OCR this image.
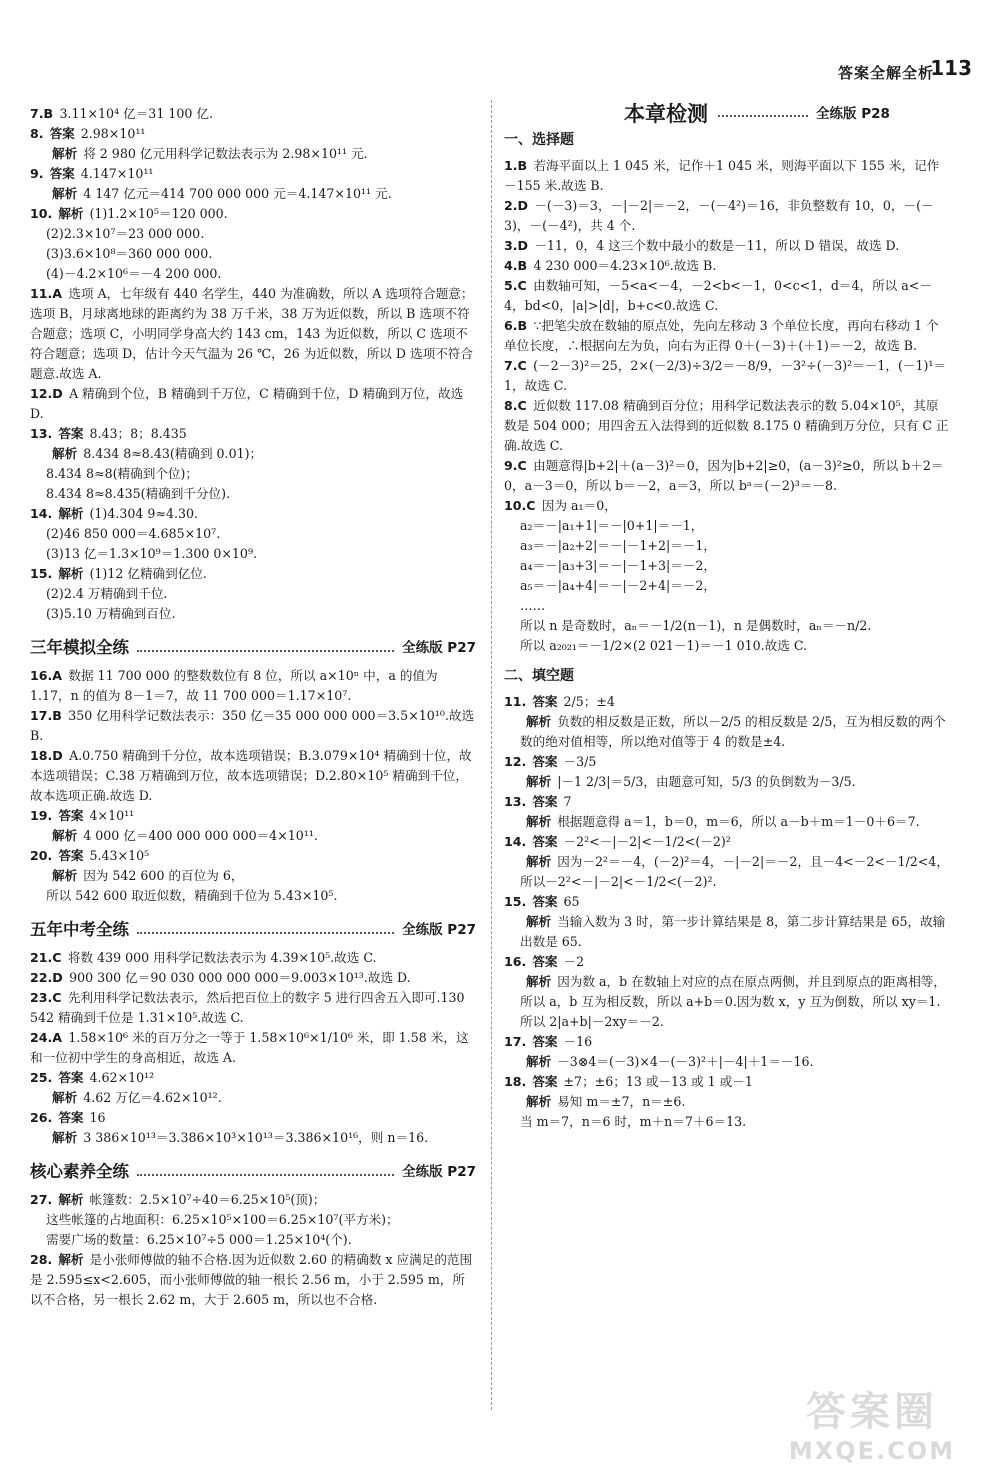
答案全解全析
113

7.B  3.11×10⁴ 亿＝31 100 亿.

8. 答案 2.98×10¹¹

解析 将 2 980 亿元用科学记数法表示为 2.98×10¹¹ 元.

9. 答案 4.147×10¹¹

解析 4 147 亿元＝414 700 000 000 元＝4.147×10¹¹ 元.

10. 解析 (1)1.2×10⁵＝120 000.

(2)2.3×10⁷＝23 000 000.

(3)3.6×10⁸＝360 000 000.

(4)－4.2×10⁶＝－4 200 000.

11.A  选项 A，七年级有 440 名学生，440 为准确数，所以 A 选项符合题意；选项 B，月球离地球的距离约为 38 万千米，38 万为近似数，所以 B 选项不符合题意；选项 C，小明同学身高大约 143 cm，143 为近似数，所以 C 选项不符合题意；选项 D，估计今天气温为 26 ℃，26 为近似数，所以 D 选项不符合题意.故选 A.

12.D  A 精确到个位，B 精确到千万位，C 精确到千位，D 精确到万位，故选 D.

13. 答案 8.43；8；8.435

解析 8.434 8≈8.43(精确到 0.01)；

8.434 8≈8(精确到个位)；

8.434 8≈8.435(精确到千分位).

14. 解析 (1)4.304 9≈4.30.

(2)46 850 000＝4.685×10⁷.

(3)13 亿＝1.3×10⁹＝1.300 0×10⁹.

15. 解析 (1)12 亿精确到亿位.

(2)2.4 万精确到千位.

(3)5.10 万精确到百位.

三年模拟全练	全练版 P27

16.A  数据 11 700 000 的整数数位有 8 位，所以 a×10ⁿ 中，a 的值为 1.17，n 的值为 8－1＝7，故 11 700 000＝1.17×10⁷.

17.B  350 亿用科学记数法表示：350 亿＝35 000 000 000＝3.5×10¹⁰.故选 B.

18.D  A.0.750 精确到千分位，故本选项错误；B.3.079×10⁴ 精确到十位，故本选项错误；C.38 万精确到万位，故本选项错误；D.2.80×10⁵ 精确到千位，故本选项正确.故选 D.

19. 答案 4×10¹¹

解析 4 000 亿＝400 000 000 000＝4×10¹¹.

20. 答案 5.43×10⁵

解析 因为 542 600 的百位为 6，

所以 542 600 取近似数，精确到千位为 5.43×10⁵.

五年中考全练	全练版 P27

21.C  将数 439 000 用科学记数法表示为 4.39×10⁵.故选 C.

22.D  900 300 亿＝90 030 000 000 000＝9.003×10¹³.故选 D.

23.C  先利用科学记数法表示，然后把百位上的数字 5 进行四舍五入即可.130 542 精确到千位是 1.31×10⁵.故选 C.

24.A  1.58×10⁶ 米的百万分之一等于 1.58×10⁶×1/10⁶ 米，即 1.58 米，这和一位初中学生的身高相近，故选 A.

25. 答案 4.62×10¹²

解析 4.62 万亿＝4.62×10¹².

26. 答案 16

解析 3 386×10¹³＝3.386×10³×10¹³＝3.386×10¹⁶，则 n＝16.

核心素养全练	全练版 P27

27. 解析 帐篷数：2.5×10⁷÷40＝6.25×10⁵(顶)；

这些帐篷的占地面积：6.25×10⁵×100＝6.25×10⁷(平方米)；

需要广场的数量：6.25×10⁷÷5 000＝1.25×10⁴(个).

28. 解析 是小张师傅做的轴不合格.因为近似数 2.60 的精确数 x 应满足的范围是 2.595≤x<2.605，而小张师傅做的轴一根长 2.56 m，小于 2.595 m，所以不合格，另一根长 2.62 m，大于 2.605 m，所以也不合格.

本章检测	全练版 P28
一、选择题

1.B  若海平面以上 1 045 米，记作＋1 045 米，则海平面以下 155 米，记作－155 米.故选 B.

2.D  －(－3)＝3，－|－2|＝－2，－(－4²)＝16，非负整数有 10，0，－(－3)，－(－4²)，共 4 个.

3.D  －11，0，4 这三个数中最小的数是－11，所以 D 错误，故选 D.

4.B  4 230 000＝4.23×10⁶.故选 B.

5.C  由数轴可知，－5<a<－4，－2<b<－1，0<c<1，d＝4，所以 a<－4，bd<0，|a|>|d|，b+c<0.故选 C.

6.B  ∵把笔尖放在数轴的原点处，先向左移动 3 个单位长度，再向右移动 1 个单位长度，∴根据向左为负，向右为正得 0＋(－3)＋(＋1)＝－2，故选 B.

7.C  (－2－3)²＝25，2×(－2/3)÷3/2＝－8/9，－3²÷(－3)²＝－1，(－1)¹＝1，故选 C.

8.C  近似数 117.08 精确到百分位；用科学记数法表示的数 5.04×10⁵，其原数是 504 000；用四舍五入法得到的近似数 8.175 0 精确到万分位，只有 C 正确.故选 C.

9.C  由题意得|b+2|＋(a－3)²＝0，因为|b+2|≥0，(a－3)²≥0，所以 b＋2＝0，a－3＝0，所以 b＝－2，a＝3，所以 bᵃ＝(－2)³＝－8.

10.C  因为 a₁＝0，

a₂＝－|a₁+1|＝－|0+1|＝－1，

a₃＝－|a₂+2|＝－|－1+2|＝－1，

a₄＝－|a₃+3|＝－|－1+3|＝－2，

a₅＝－|a₄+4|＝－|－2+4|＝－2，

……

所以 n 是奇数时，aₙ＝－1/2(n－1)，n 是偶数时，aₙ＝－n/2.

所以 a₂₀₂₁＝－1/2×(2 021－1)＝－1 010.故选 C.

二、填空题

11. 答案 2/5；±4

解析 负数的相反数是正数，所以－2/5 的相反数是 2/5，互为相反数的两个数的绝对值相等，所以绝对值等于 4 的数是±4.

12. 答案 －3/5

解析 |－1 2/3|＝5/3，由题意可知，5/3 的负倒数为－3/5.

13. 答案 7

解析 根据题意得 a＝1，b＝0，m＝6，所以 a－b＋m＝1－0＋6＝7.

14. 答案 －2²<－|－2|<－1/2<(－2)²

解析 因为－2²＝－4，(－2)²＝4，－|－2|＝－2，且－4<－2<－1/2<4，所以－2²<－|－2|<－1/2<(－2)².

15. 答案 65

解析 当输入数为 3 时，第一步计算结果是 8，第二步计算结果是 65，故输出数是 65.

16. 答案 －2

解析 因为数 a，b 在数轴上对应的点在原点两侧，并且到原点的距离相等，所以 a，b 互为相反数，所以 a+b＝0.因为数 x，y 互为倒数，所以 xy＝1.所以 2|a+b|－2xy＝－2.

17. 答案 －16

解析 －3⊗4＝(－3)×4－(－3)²＋|－4|＋1＝－16.

18. 答案 ±7；±6；13 或－13 或 1 或－1

解析 易知 m＝±7，n＝±6.

当 m＝7，n＝6 时，m＋n＝7＋6＝13.

答案圈
MXQE.COM
